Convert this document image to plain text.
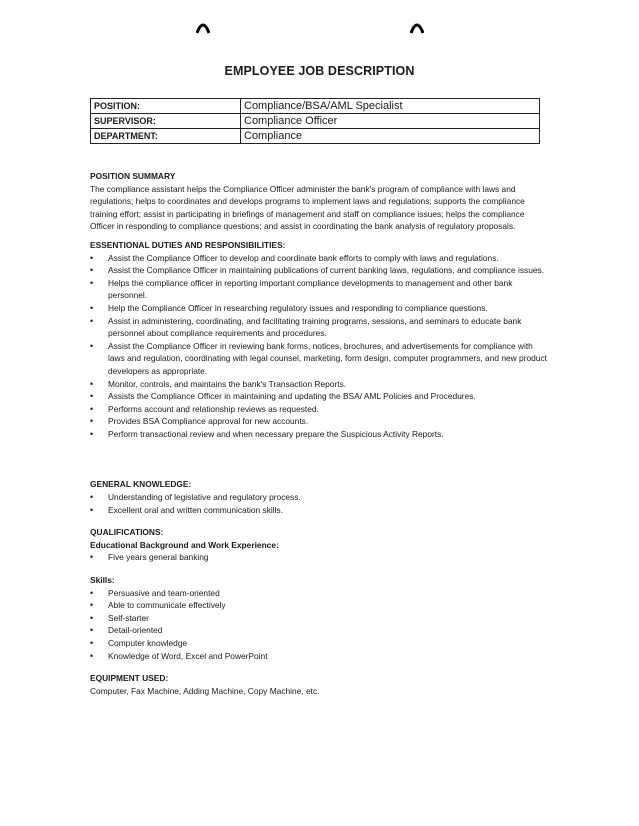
EMPLOYEE JOB DESCRIPTION
POSITION:	Compliance/BSA/AML Specialist
SUPERVISOR:	Compliance Officer
DEPARTMENT:	Compliance

POSITION SUMMARY

The compliance assistant helps the Compliance Officer administer the bank's program of compliance with laws and regulations; helps to coordinates and develops programs to implement laws and regulations; supports the compliance training effort; assist in participating in briefings of management and staff on compliance issues; helps the compliance Officer in responding to compliance questions; and assist in coordinating the bank analysis of regulatory proposals.

ESSENTIONAL DUTIES AND RESPONSIBILITIES:

• Assist the Compliance Officer to develop and coordinate bank efforts to comply with laws and regulations.
• Assist the Compliance Officer in maintaining publications of current banking laws, regulations, and compliance issues.
• Helps the compliance officer in reporting important compliance developments to management and other bank personnel.
• Help the Compliance Officer in researching regulatory issues and responding to compliance questions.
• Assist in administering, coordinating, and facilitating training programs, sessions, and seminars to educate bank personnel about compliance requirements and procedures.
• Assist the Compliance Officer in reviewing bank forms, notices, brochures, and advertisements for compliance with laws and regulation, coordinating with legal counsel, marketing, form design, computer programmers, and new product developers as appropriate.
• Monitor, controls, and maintains the bank's Transaction Reports.
• Assists the Compliance Officer in maintaining and updating the BSA/ AML Policies and Procedures.
• Performs account and relationship reviews as requested.
• Provides BSA Compliance approval for new accounts.
• Perform transactional review and when necessary prepare the Suspicious Activity Reports.

GENERAL KNOWLEDGE:

• Understanding of legislative and regulatory process.
• Excellent oral and written communication skills.

QUALIFICATIONS:

Educational Background and Work Experience:

• Five years general banking

Skills:

• Persuasive and team-oriented
• Able to communicate effectively
• Self-starter
• Detail-oriented
• Computer knowledge
• Knowledge of Word, Excel and PowerPoint

EQUIPMENT USED:

Computer, Fax Machine, Adding Machine, Copy Machine, etc.
